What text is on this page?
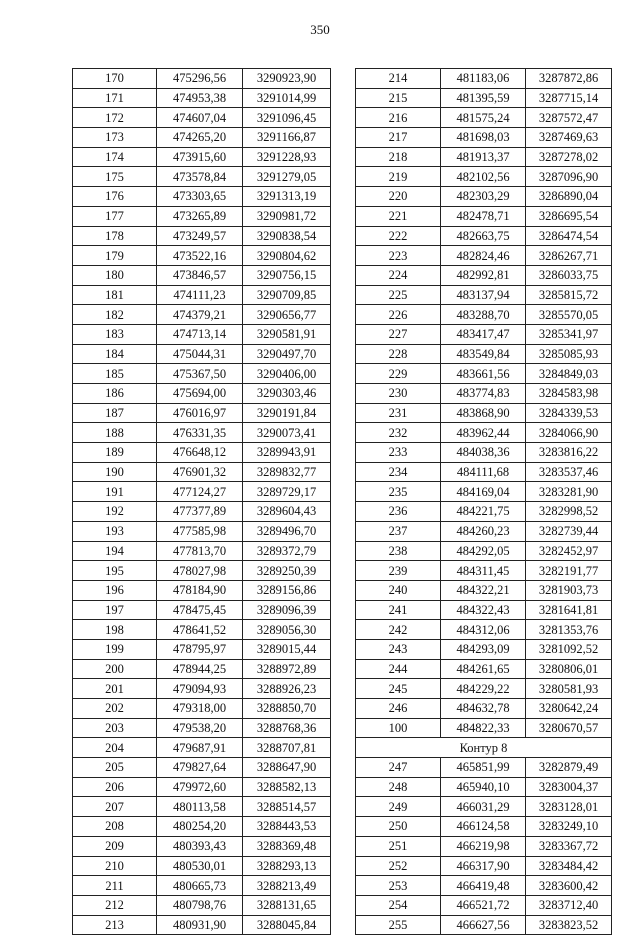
350
170	475296,56	3290923,90
171	474953,38	3291014,99
172	474607,04	3291096,45
173	474265,20	3291166,87
174	473915,60	3291228,93
175	473578,84	3291279,05
176	473303,65	3291313,19
177	473265,89	3290981,72
178	473249,57	3290838,54
179	473522,16	3290804,62
180	473846,57	3290756,15
181	474111,23	3290709,85
182	474379,21	3290656,77
183	474713,14	3290581,91
184	475044,31	3290497,70
185	475367,50	3290406,00
186	475694,00	3290303,46
187	476016,97	3290191,84
188	476331,35	3290073,41
189	476648,12	3289943,91
190	476901,32	3289832,77
191	477124,27	3289729,17
192	477377,89	3289604,43
193	477585,98	3289496,70
194	477813,70	3289372,79
195	478027,98	3289250,39
196	478184,90	3289156,86
197	478475,45	3289096,39
198	478641,52	3289056,30
199	478795,97	3289015,44
200	478944,25	3288972,89
201	479094,93	3288926,23
202	479318,00	3288850,70
203	479538,20	3288768,36
204	479687,91	3288707,81
205	479827,64	3288647,90
206	479972,60	3288582,13
207	480113,58	3288514,57
208	480254,20	3288443,53
209	480393,43	3288369,48
210	480530,01	3288293,13
211	480665,73	3288213,49
212	480798,76	3288131,65
213	480931,90	3288045,84
214	481183,06	3287872,86
215	481395,59	3287715,14
216	481575,24	3287572,47
217	481698,03	3287469,63
218	481913,37	3287278,02
219	482102,56	3287096,90
220	482303,29	3286890,04
221	482478,71	3286695,54
222	482663,75	3286474,54
223	482824,46	3286267,71
224	482992,81	3286033,75
225	483137,94	3285815,72
226	483288,70	3285570,05
227	483417,47	3285341,97
228	483549,84	3285085,93
229	483661,56	3284849,03
230	483774,83	3284583,98
231	483868,90	3284339,53
232	483962,44	3284066,90
233	484038,36	3283816,22
234	484111,68	3283537,46
235	484169,04	3283281,90
236	484221,75	3282998,52
237	484260,23	3282739,44
238	484292,05	3282452,97
239	484311,45	3282191,77
240	484322,21	3281903,73
241	484322,43	3281641,81
242	484312,06	3281353,76
243	484293,09	3281092,52
244	484261,65	3280806,01
245	484229,22	3280581,93
246	484632,78	3280642,24
100	484822,33	3280670,57
Контур 8		
247	465851,99	3282879,49
248	465940,10	3283004,37
249	466031,29	3283128,01
250	466124,58	3283249,10
251	466219,98	3283367,72
252	466317,90	3283484,42
253	466419,48	3283600,42
254	466521,72	3283712,40
255	466627,56	3283823,52
